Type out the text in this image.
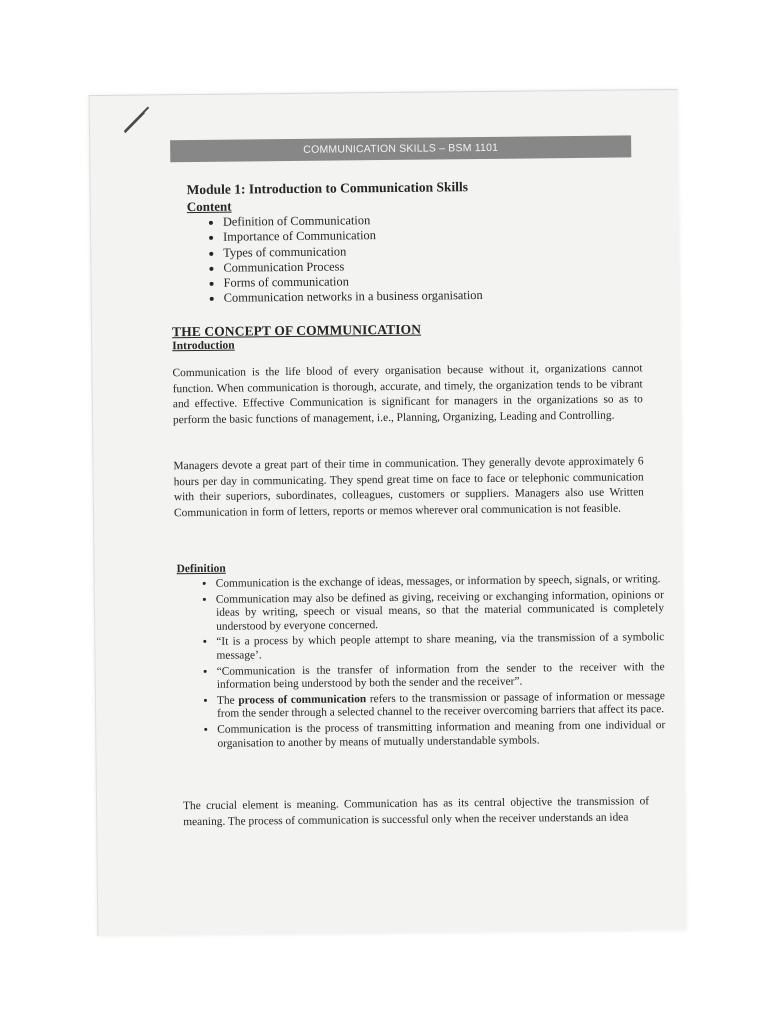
COMMUNICATION SKILLS – BSM 1101

Module 1: Introduction to Communication Skills

Content

• Definition of Communication
• Importance of Communication
• Types of communication
• Communication Process
• Forms of communication
• Communication networks in a business organisation

THE CONCEPT OF COMMUNICATION

Introduction

Communication is the life blood of every organisation because without it, organizations cannot function. When communication is thorough, accurate, and timely, the organization tends to be vibrant and effective. Effective Communication is significant for managers in the organizations so as to perform the basic functions of management, i.e., Planning, Organizing, Leading and Controlling.

Managers devote a great part of their time in communication. They generally devote approximately 6 hours per day in communicating. They spend great time on face to face or telephonic communication with their superiors, subordinates, colleagues, customers or suppliers. Managers also use Written Communication in form of letters, reports or memos wherever oral communication is not feasible.

Definition

• Communication is the exchange of ideas, messages, or information by speech, signals, or writing.
• Communication may also be defined as giving, receiving or exchanging information, opinions or ideas by writing, speech or visual means, so that the material communicated is completely understood by everyone concerned.
• “It is a process by which people attempt to share meaning, via the transmission of a symbolic message’.
• “Communication is the transfer of information from the sender to the receiver with the information being understood by both the sender and the receiver”.
• The process of communication refers to the transmission or passage of information or message from the sender through a selected channel to the receiver overcoming barriers that affect its pace.
• Communication is the process of transmitting information and meaning from one individual or organisation to another by means of mutually understandable symbols.

The crucial element is meaning. Communication has as its central objective the transmission of meaning. The process of communication is successful only when the receiver understands an idea
